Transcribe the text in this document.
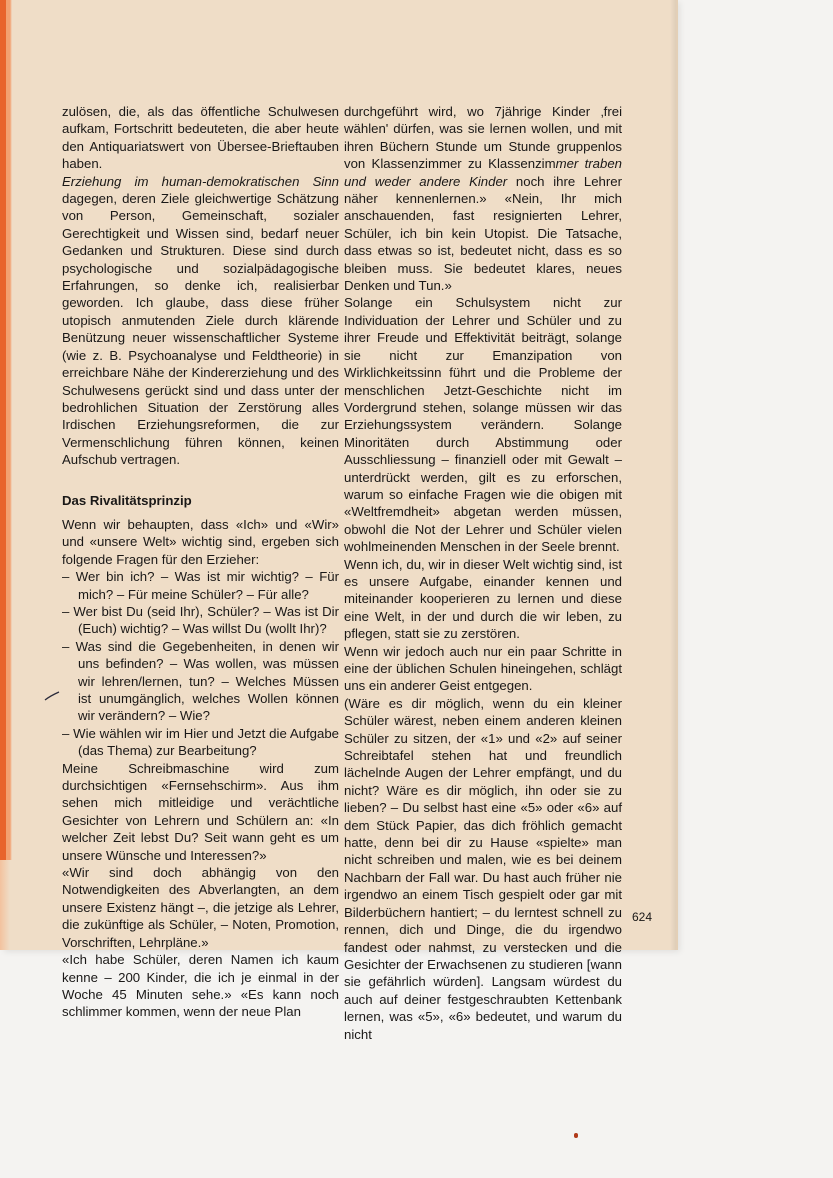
zulösen, die, als das öffentliche Schulwesen aufkam, Fortschritt bedeuteten, die aber heute den Antiquariatswert von Übersee-Brieftauben haben.

Erziehung im human-demokratischen Sinn dagegen, deren Ziele gleichwertige Schätzung von Person, Gemeinschaft, sozialer Gerechtigkeit und Wissen sind, bedarf neuer Gedanken und Strukturen. Diese sind durch psychologische und sozialpädagogische Erfahrungen, so denke ich, realisierbar geworden. Ich glaube, dass diese früher utopisch anmutenden Ziele durch klärende Benützung neuer wissenschaftlicher Systeme (wie z. B. Psychoanalyse und Feldtheorie) in erreichbare Nähe der Kindererziehung und des Schulwesens gerückt sind und dass unter der bedrohlichen Situation der Zerstörung alles Irdischen Erziehungsreformen, die zur Vermenschlichung führen können, keinen Aufschub vertragen.

Das Rivalitätsprinzip

Wenn wir behaupten, dass «Ich» und «Wir» und «unsere Welt» wichtig sind, ergeben sich folgende Fragen für den Erzieher:

– Wer bin ich? – Was ist mir wichtig? – Für mich? – Für meine Schüler? – Für alle?

– Wer bist Du (seid Ihr), Schüler? – Was ist Dir (Euch) wichtig? – Was willst Du (wollt Ihr)?

– Was sind die Gegebenheiten, in denen wir uns befinden? – Was wollen, was müssen wir lehren/lernen, tun? – Welches Müssen ist unumgänglich, welches Wollen können wir verändern? – Wie?

– Wie wählen wir im Hier und Jetzt die Aufgabe (das Thema) zur Bearbeitung?

Meine Schreibmaschine wird zum durchsichtigen «Fernsehschirm». Aus ihm sehen mich mitleidige und verächtliche Gesichter von Lehrern und Schülern an: «In welcher Zeit lebst Du? Seit wann geht es um unsere Wünsche und Interessen?»

«Wir sind doch abhängig von den Notwendigkeiten des Abverlangten, an dem unsere Existenz hängt –, die jetzige als Lehrer, die zukünftige als Schüler, – Noten, Promotion, Vorschriften, Lehrpläne.»

«Ich habe Schüler, deren Namen ich kaum kenne – 200 Kinder, die ich je einmal in der Woche 45 Minuten sehe.» «Es kann noch schlimmer kommen, wenn der neue Plan

durchgeführt wird, wo 7jährige Kinder ‚frei wählen' dürfen, was sie lernen wollen, und mit ihren Büchern Stunde um Stunde gruppenlos von Klassenzimmer zu Klassenzimmer traben und weder andere Kinder noch ihre Lehrer näher kennenlernen.» «Nein, Ihr mich anschauenden, fast resignierten Lehrer, Schüler, ich bin kein Utopist. Die Tatsache, dass etwas so ist, bedeutet nicht, dass es so bleiben muss. Sie bedeutet klares, neues Denken und Tun.»

Solange ein Schulsystem nicht zur Individuation der Lehrer und Schüler und zu ihrer Freude und Effektivität beiträgt, solange sie nicht zur Emanzipation von Wirklichkeitssinn führt und die Probleme der menschlichen Jetzt-Geschichte nicht im Vordergrund stehen, solange müssen wir das Erziehungssystem verändern. Solange Minoritäten durch Abstimmung oder Ausschliessung – finanziell oder mit Gewalt – unterdrückt werden, gilt es zu erforschen, warum so einfache Fragen wie die obigen mit «Weltfremdheit» abgetan werden müssen, obwohl die Not der Lehrer und Schüler vielen wohlmeinenden Menschen in der Seele brennt.

Wenn ich, du, wir in dieser Welt wichtig sind, ist es unsere Aufgabe, einander kennen und miteinander kooperieren zu lernen und diese eine Welt, in der und durch die wir leben, zu pflegen, statt sie zu zerstören.

Wenn wir jedoch auch nur ein paar Schritte in eine der üblichen Schulen hineingehen, schlägt uns ein anderer Geist entgegen.

(Wäre es dir möglich, wenn du ein kleiner Schüler wärest, neben einem anderen kleinen Schüler zu sitzen, der «1» und «2» auf seiner Schreibtafel stehen hat und freundlich lächelnde Augen der Lehrer empfängt, und du nicht? Wäre es dir möglich, ihn oder sie zu lieben? – Du selbst hast eine «5» oder «6» auf dem Stück Papier, das dich fröhlich gemacht hatte, denn bei dir zu Hause «spielte» man nicht schreiben und malen, wie es bei deinem Nachbarn der Fall war. Du hast auch früher nie irgendwo an einem Tisch gespielt oder gar mit Bilderbüchern hantiert; – du lerntest schnell zu rennen, dich und Dinge, die du irgendwo fandest oder nahmst, zu verstecken und die Gesichter der Erwachsenen zu studieren [wann sie gefährlich würden]. Langsam würdest du auch auf deiner festgeschraubten Kettenbank lernen, was «5», «6» bedeutet, und warum du nicht

624
